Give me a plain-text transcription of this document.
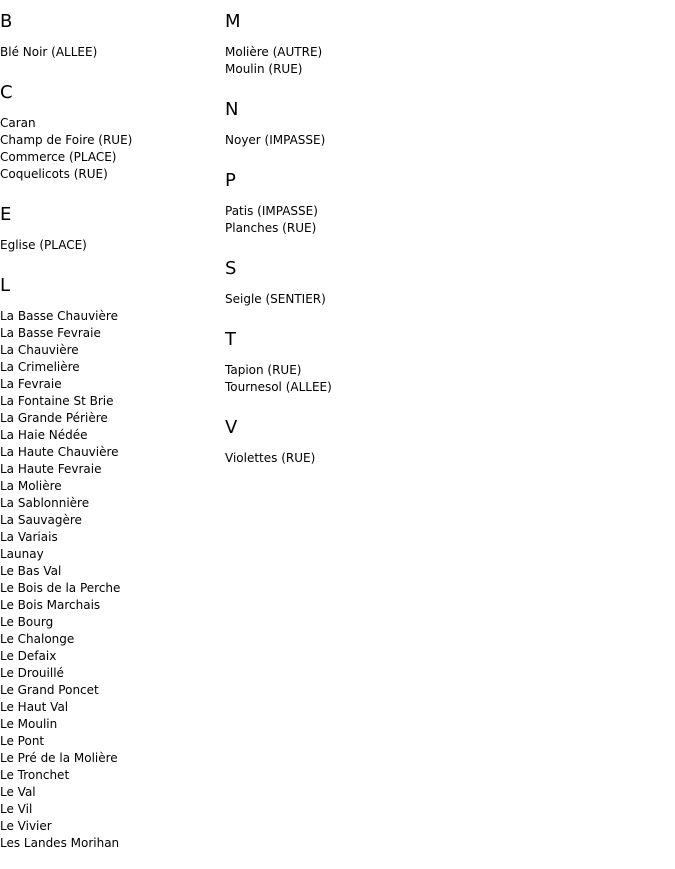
B
Blé Noir (ALLEE)
C
Caran
Champ de Foire (RUE)
Commerce (PLACE)
Coquelicots (RUE)
E
Eglise (PLACE)
L
La Basse Chauvière
La Basse Fevraie
La Chauvière
La Crimelière
La Fevraie
La Fontaine St Brie
La Grande Périère
La Haie Nédée
La Haute Chauvière
La Haute Fevraie
La Molière
La Sablonnière
La Sauvagère
La Variais
Launay
Le Bas Val
Le Bois de la Perche
Le Bois Marchais
Le Bourg
Le Chalonge
Le Defaix
Le Drouillé
Le Grand Poncet
Le Haut Val
Le Moulin
Le Pont
Le Pré de la Molière
Le Tronchet
Le Val
Le Vil
Le Vivier
Les Landes Morihan
M
Molière (AUTRE)
Moulin (RUE)
N
Noyer (IMPASSE)
P
Patis (IMPASSE)
Planches (RUE)
S
Seigle (SENTIER)
T
Tapion (RUE)
Tournesol (ALLEE)
V
Violettes (RUE)
